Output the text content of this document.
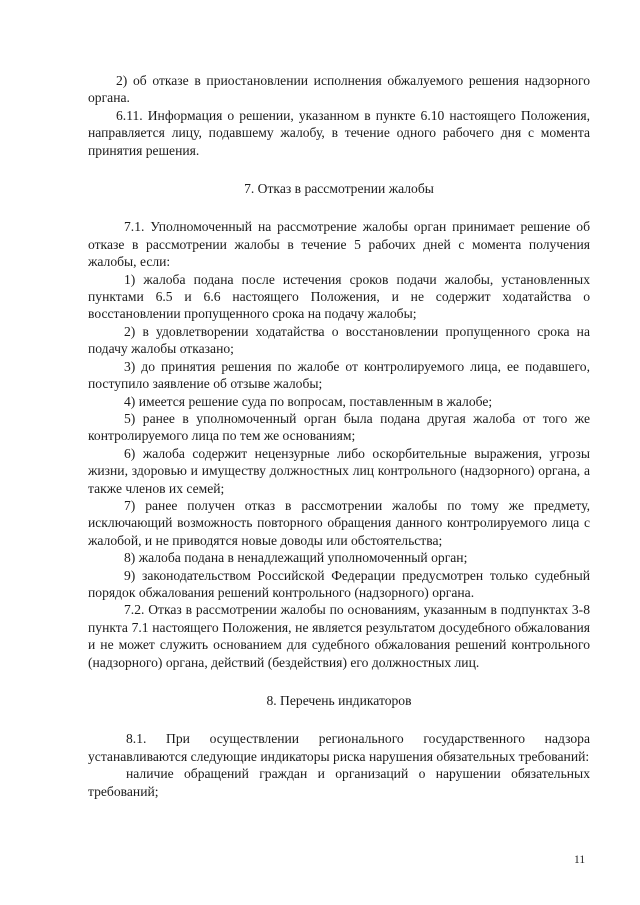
2) об отказе в приостановлении исполнения обжалуемого решения надзорного органа.

6.11. Информация о решении, указанном в пункте 6.10 настоящего Положения, направляется лицу, подавшему жалобу, в течение одного рабочего дня с момента принятия решения.

7. Отказ в рассмотрении жалобы

7.1. Уполномоченный на рассмотрение жалобы орган принимает решение об отказе в рассмотрении жалобы в течение 5 рабочих дней с момента получения жалобы, если:

1) жалоба подана после истечения сроков подачи жалобы, установленных пунктами 6.5 и 6.6 настоящего Положения, и не содержит ходатайства о восстановлении пропущенного срока на подачу жалобы;

2) в удовлетворении ходатайства о восстановлении пропущенного срока на подачу жалобы отказано;

3) до принятия решения по жалобе от контролируемого лица, ее подавшего, поступило заявление об отзыве жалобы;

4) имеется решение суда по вопросам, поставленным в жалобе;

5) ранее в уполномоченный орган была подана другая жалоба от того же контролируемого лица по тем же основаниям;

6) жалоба содержит нецензурные либо оскорбительные выражения, угрозы жизни, здоровью и имуществу должностных лиц контрольного (надзорного) органа, а также членов их семей;

7) ранее получен отказ в рассмотрении жалобы по тому же предмету, исключающий возможность повторного обращения данного контролируемого лица с жалобой, и не приводятся новые доводы или обстоятельства;

8) жалоба подана в ненадлежащий уполномоченный орган;

9) законодательством Российской Федерации предусмотрен только судебный порядок обжалования решений контрольного (надзорного) органа.

7.2. Отказ в рассмотрении жалобы по основаниям, указанным в подпунктах 3-8 пункта 7.1 настоящего Положения, не является результатом досудебного обжалования и не может служить основанием для судебного обжалования решений контрольного (надзорного) органа, действий (бездействия) его должностных лиц.

8. Перечень индикаторов

8.1. При осуществлении регионального государственного надзора устанавливаются следующие индикаторы риска нарушения обязательных требований:

наличие обращений граждан и организаций о нарушении обязательных требований;

11
